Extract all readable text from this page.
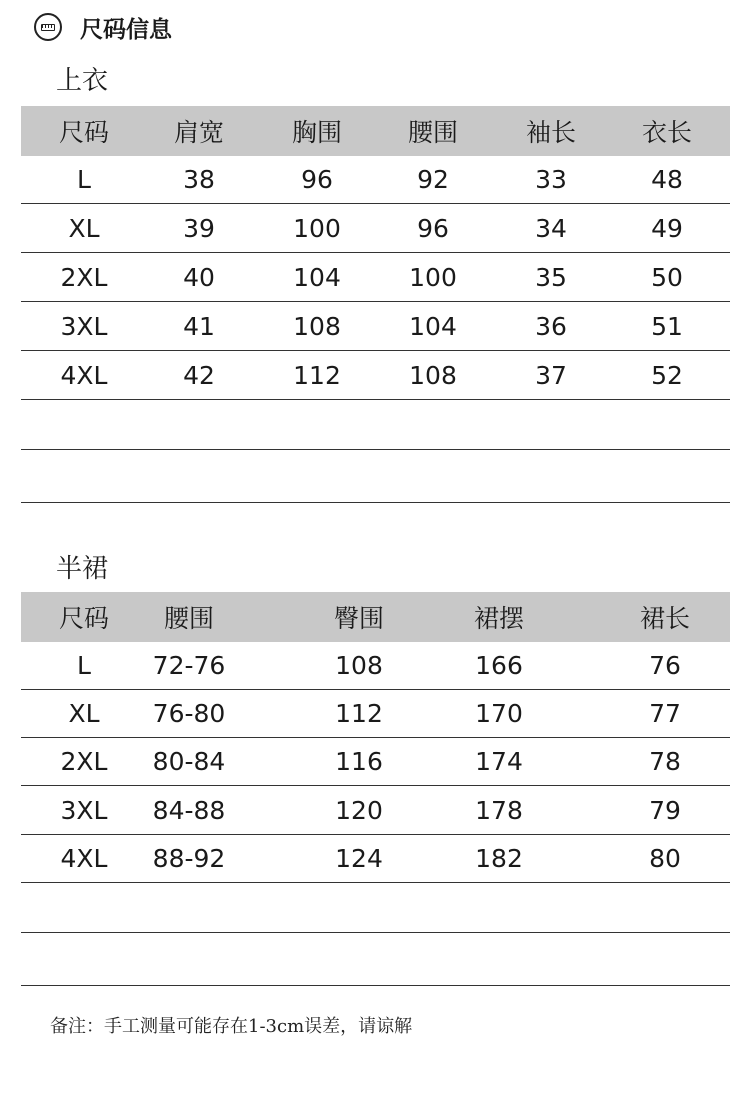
尺码信息
上衣
尺码	肩宽	胸围	腰围	袖长	衣长
L	38	96	92	33	48
XL	39	100	96	34	49
2XL	40	104	100	35	50
3XL	41	108	104	36	51
4XL	42	112	108	37	52
半裙
尺码	腰围	臀围	裙摆	裙长
L	72-76	108	166	76
XL	76-80	112	170	77
2XL	80-84	116	174	78
3XL	84-88	120	178	79
4XL	88-92	124	182	80
备注：手工测量可能存在1-3cm误差，请谅解
